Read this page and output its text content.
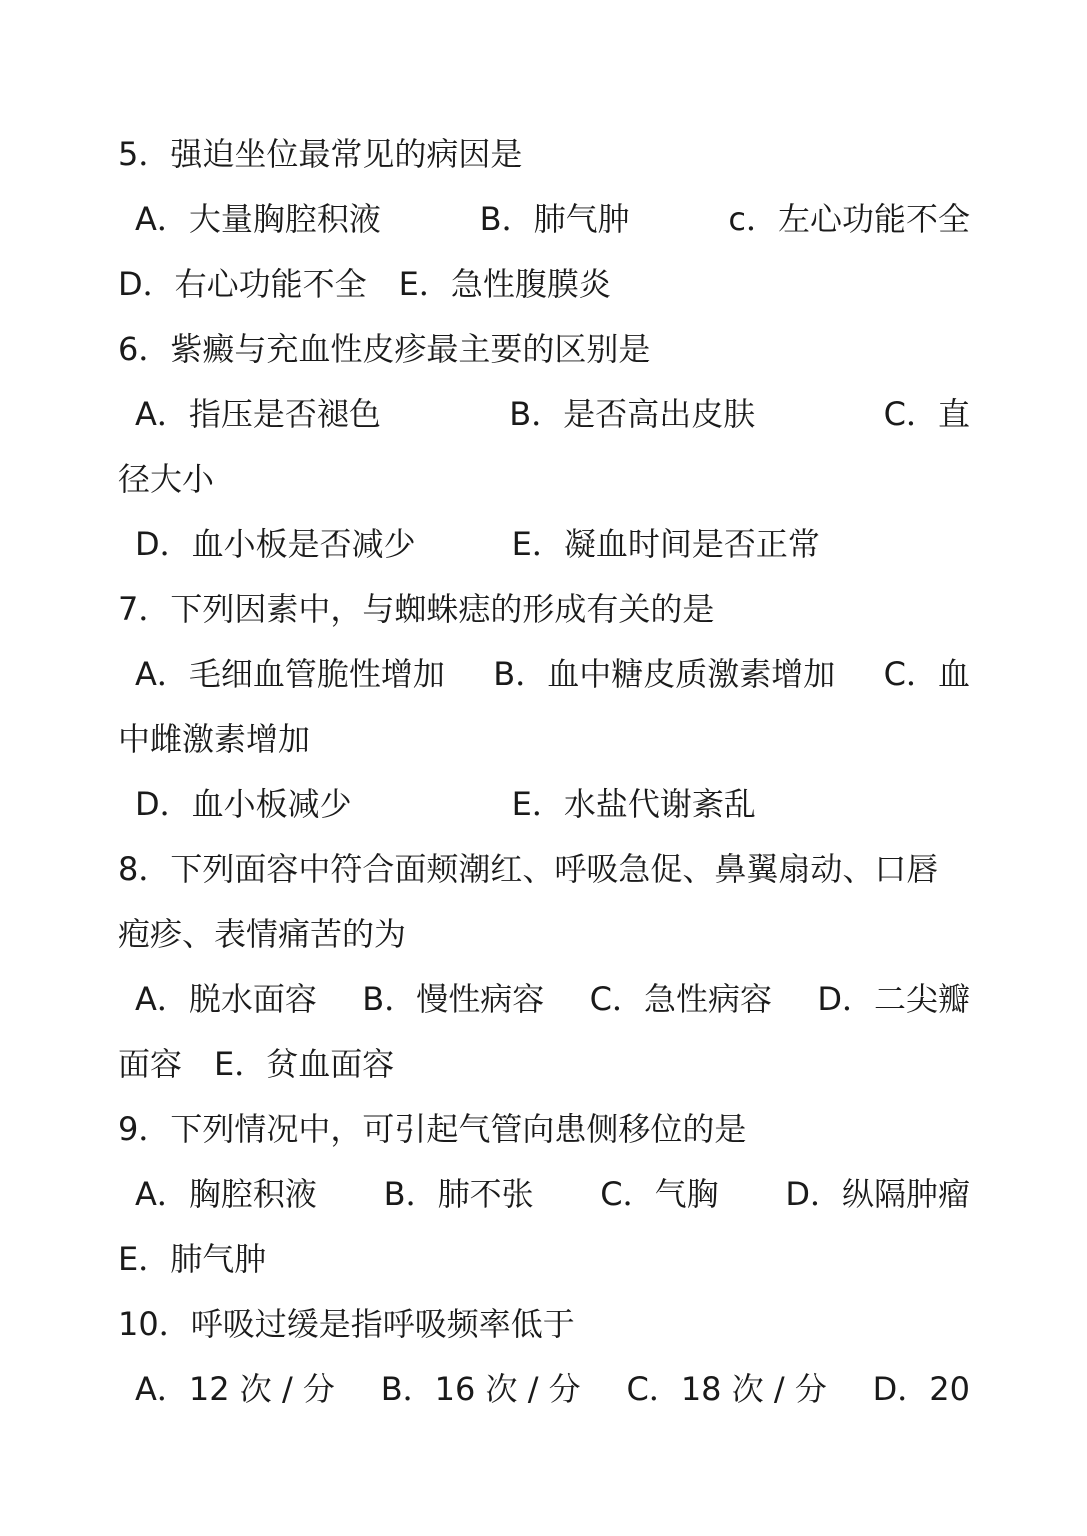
5．强迫坐位最常见的病因是
A．大量胸腔积液	B．肺气肿	c．左心功能不全
D．右心功能不全　E．急性腹膜炎
6．紫癜与充血性皮疹最主要的区别是
A．指压是否褪色	B．是否高出皮肤	C．直
径大小
D．血小板是否减少　　　E．凝血时间是否正常
7．下列因素中，与蜘蛛痣的形成有关的是
A．毛细血管脆性增加 B．血中糖皮质激素增加 C．血
中雌激素增加
D．血小板减少　　　　　E．水盐代谢紊乱
8．下列面容中符合面颊潮红、呼吸急促、鼻翼扇动、口唇
疱疹、表情痛苦的为
A．脱水面容 B．慢性病容 C．急性病容 D．二尖瓣
面容　E．贫血面容
9．下列情况中，可引起气管向患侧移位的是
A．胸腔积液 B．肺不张 C．气胸 D．纵隔肿瘤
E．肺气肿
10．呼吸过缓是指呼吸频率低于
A．12 次 / 分 B．16 次 / 分 C．18 次 / 分 D．20
